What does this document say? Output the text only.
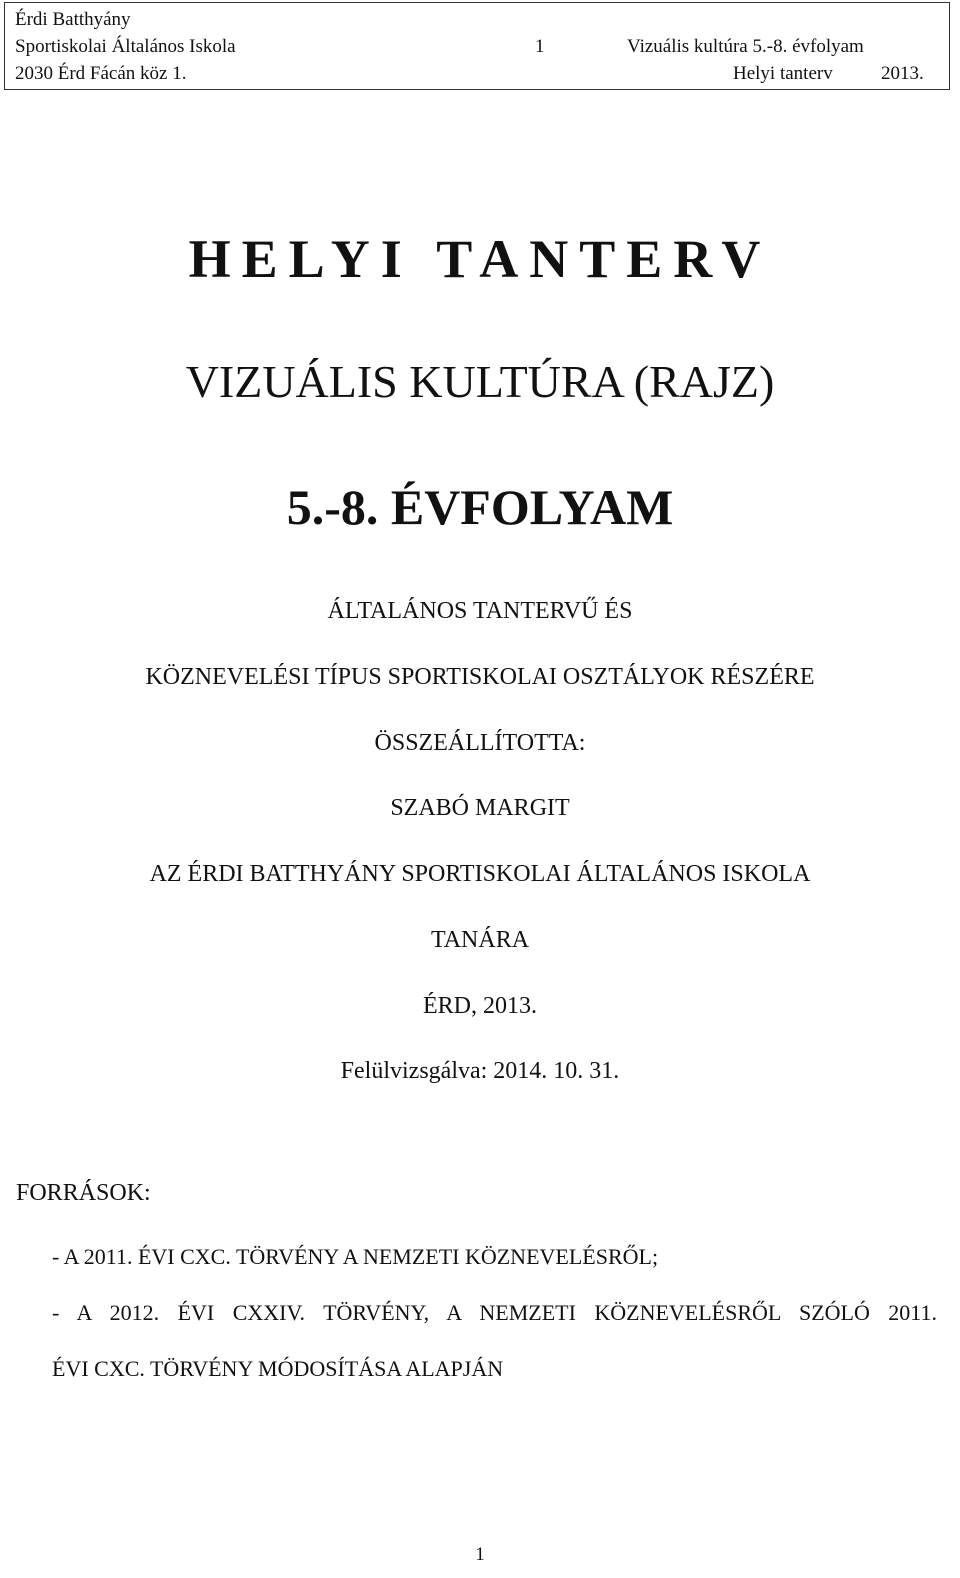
Érdi Batthyány
Sportiskolai Általános Iskola	1	Vizuális kultúra 5.-8. évfolyam
2030 Érd Fácán köz 1.	Helyi tanterv	2013.
HELYI TANTERV
VIZUÁLIS KULTÚRA (RAJZ)
5.-8. ÉVFOLYAM
ÁLTALÁNOS TANTERVŰ ÉS
KÖZNEVELÉSI TÍPUS SPORTISKOLAI OSZTÁLYOK RÉSZÉRE
ÖSSZEÁLLÍTOTTA:
SZABÓ MARGIT
AZ ÉRDI BATTHYÁNY SPORTISKOLAI ÁLTALÁNOS ISKOLA
TANÁRA
ÉRD, 2013.
Felülvizsgálva: 2014. 10. 31.
FORRÁSOK:
- A 2011. ÉVI CXC. TÖRVÉNY A NEMZETI KÖZNEVELÉSRŐL;
- A 2012. ÉVI CXXIV. TÖRVÉNY, A NEMZETI KÖZNEVELÉSRŐL SZÓLÓ 2011.
ÉVI CXC. TÖRVÉNY MÓDOSÍTÁSA ALAPJÁN
1
